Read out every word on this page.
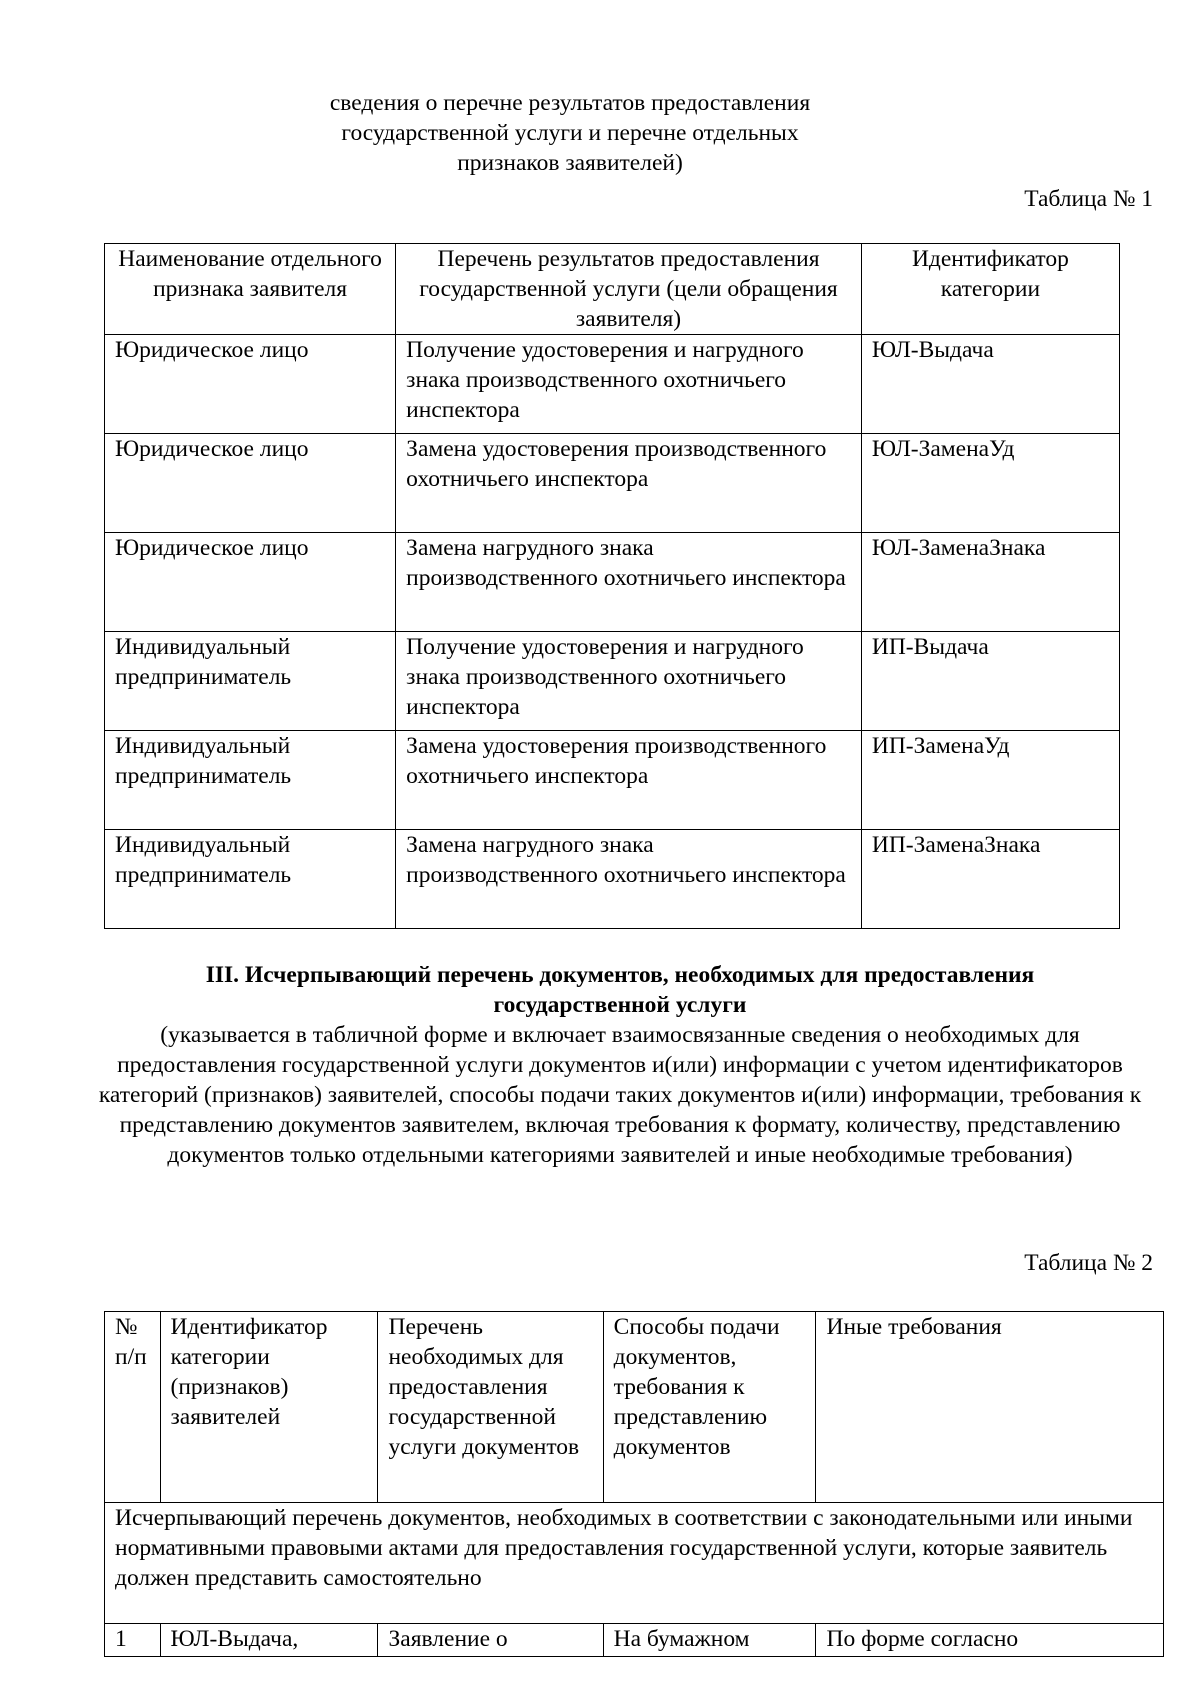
сведения о перечне результатов предоставления
государственной услуги и перечне отдельных
признаков заявителей)
Таблица № 1
Наименование отдельного признака заявителя	Перечень результатов предоставления государственной услуги (цели обращения заявителя)	Идентификатор категории
Юридическое лицо	Получение удостоверения и нагрудного знака производственного охотничьего инспектора	ЮЛ-Выдача
Юридическое лицо	Замена удостоверения производственного охотничьего инспектора	ЮЛ-ЗаменаУд
Юридическое лицо	Замена нагрудного знака производственного охотничьего инспектора	ЮЛ-ЗаменаЗнака
Индивидуальный предприниматель	Получение удостоверения и нагрудного знака производственного охотничьего инспектора	ИП-Выдача
Индивидуальный предприниматель	Замена удостоверения производственного охотничьего инспектора	ИП-ЗаменаУд
Индивидуальный предприниматель	Замена нагрудного знака производственного охотничьего инспектора	ИП-ЗаменаЗнака
III. Исчерпывающий перечень документов, необходимых для предоставления
государственной услуги
(указывается в табличной форме и включает взаимосвязанные сведения о необходимых для предоставления государственной услуги документов и(или) информации с учетом идентификаторов категорий (признаков) заявителей, способы подачи таких документов и(или) информации, требования к представлению документов заявителем, включая требования к формату, количеству, представлению документов только отдельными категориями заявителей и иные необходимые требования)
Таблица № 2
№ п/п	Идентификатор категории (признаков) заявителей	Перечень необходимых для предоставления государственной услуги документов	Способы подачи документов, требования к представлению документов	Иные требования
Исчерпывающий перечень документов, необходимых в соответствии с законодательными или иными нормативными правовыми актами для предоставления государственной услуги, которые заявитель должен представить самостоятельно				
1	ЮЛ-Выдача,	Заявление о	На бумажном	По форме согласно
